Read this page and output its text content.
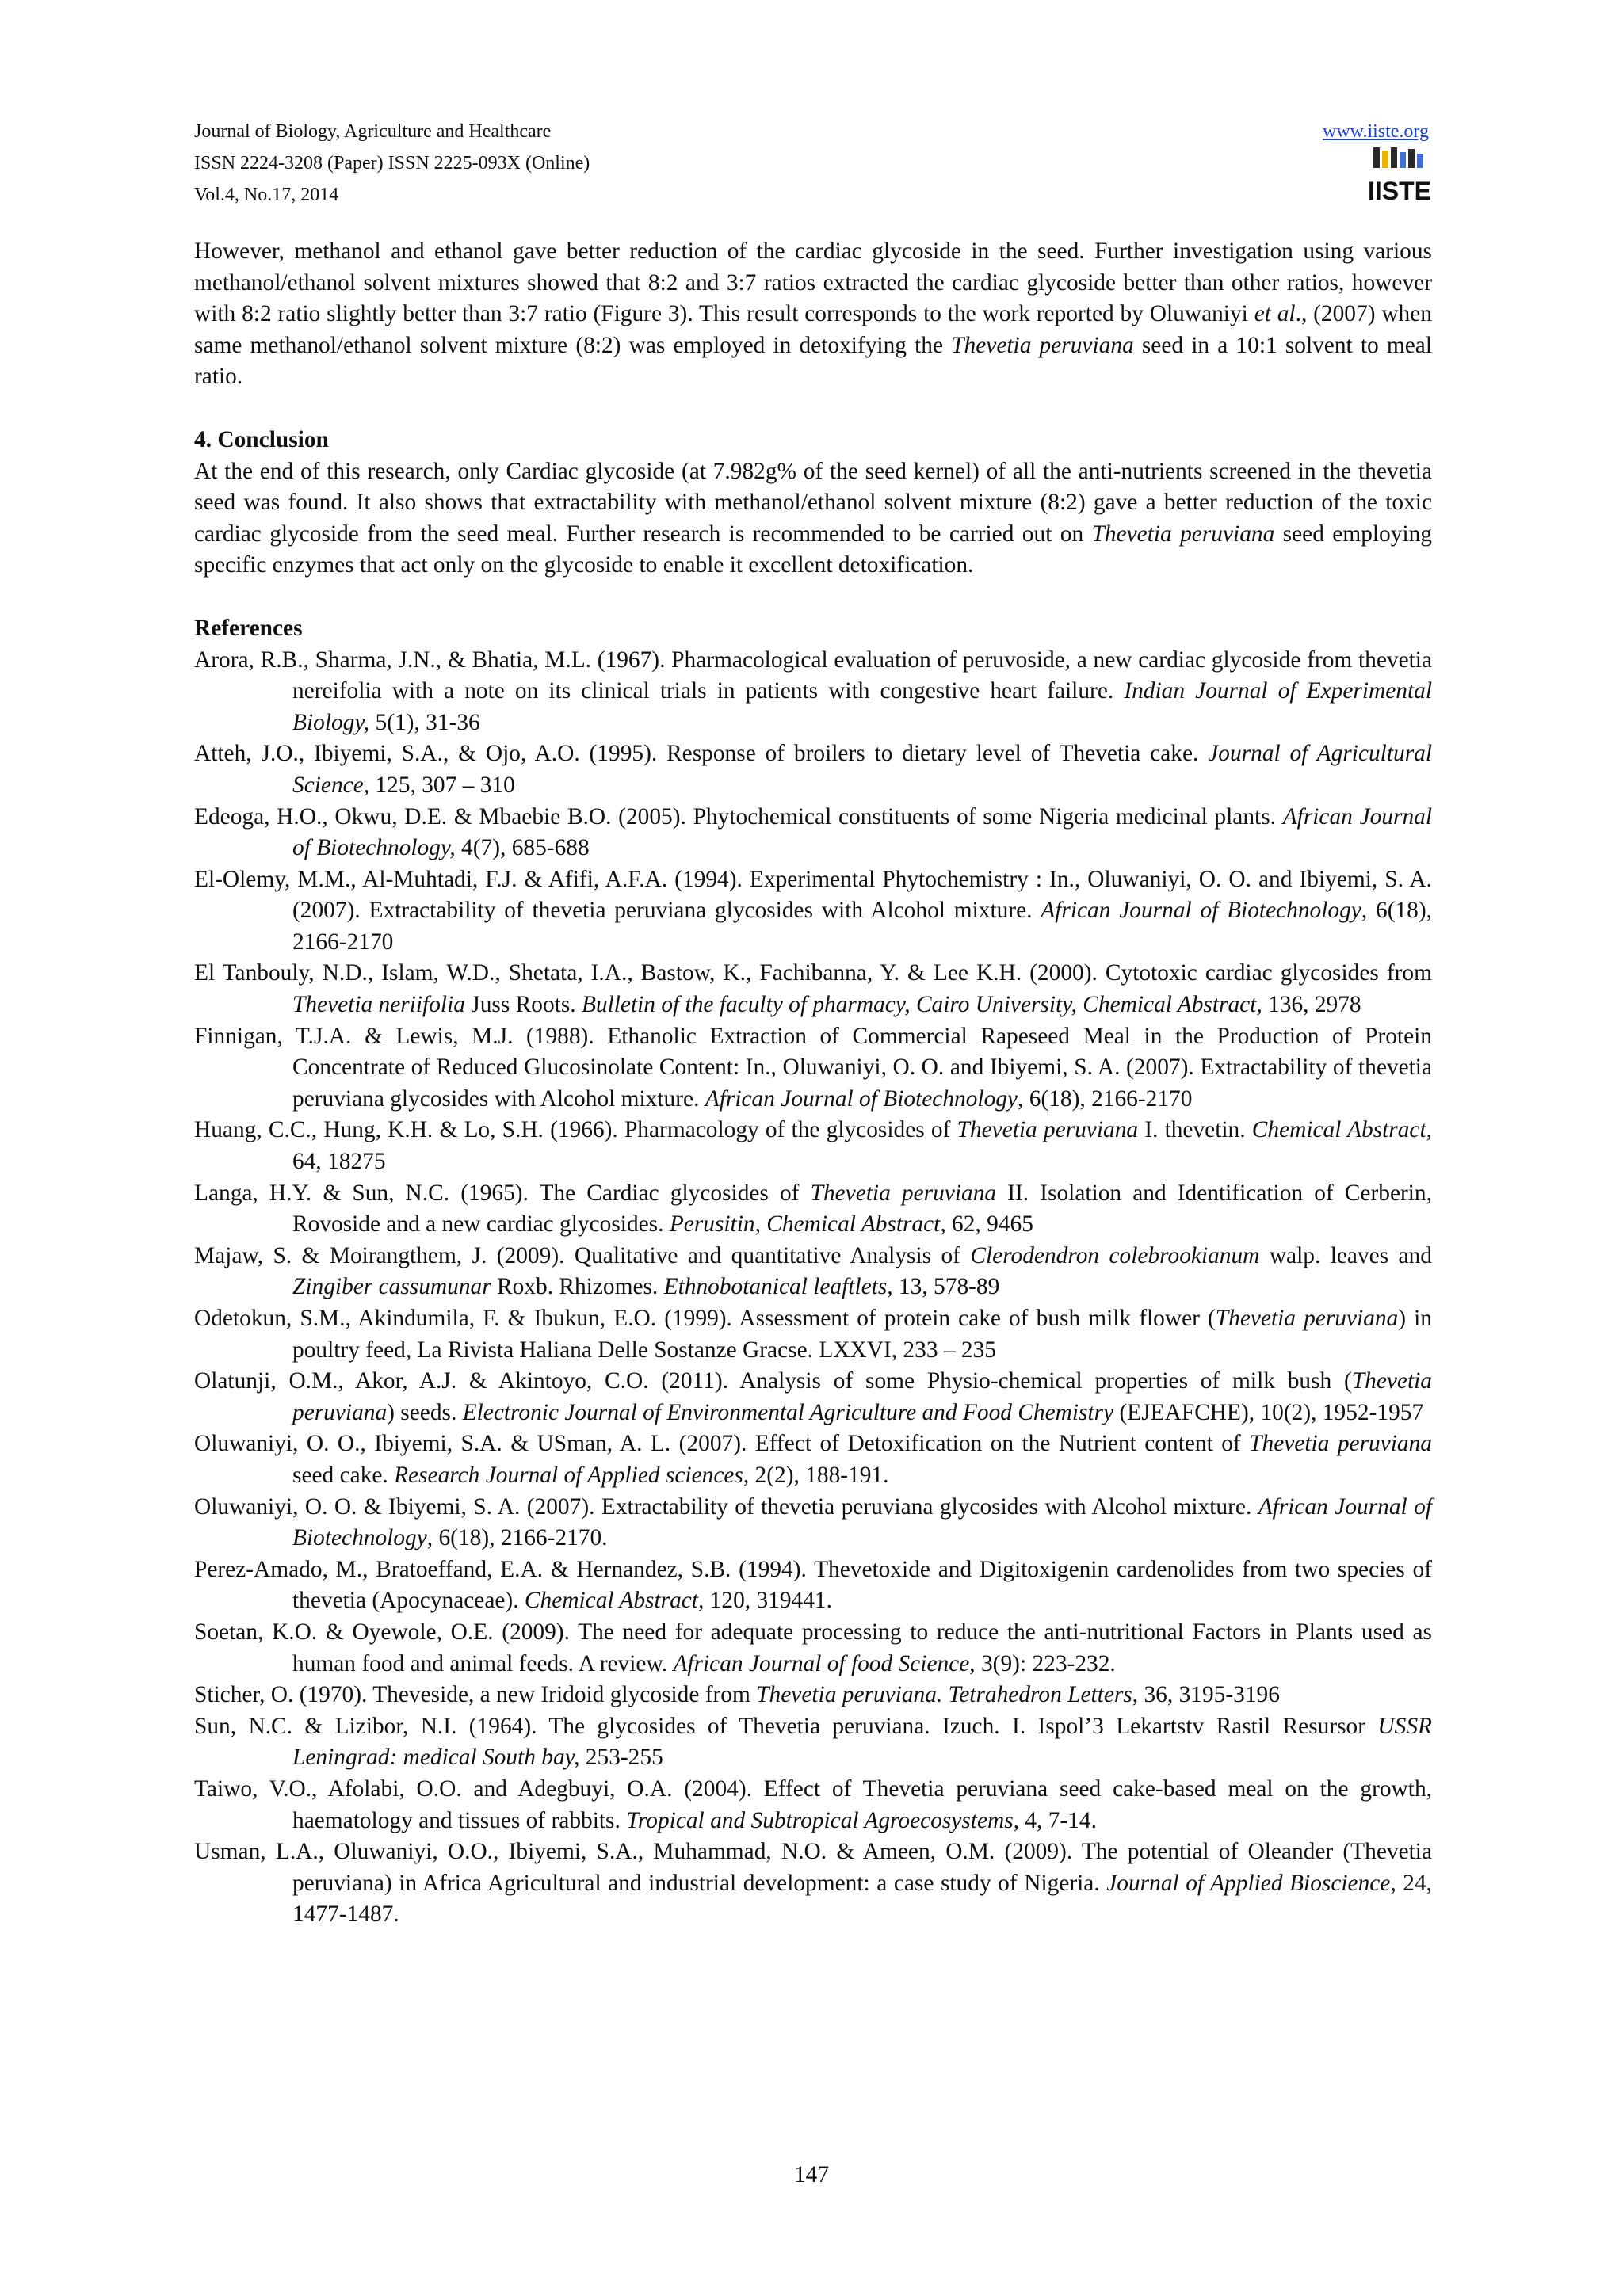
Journal of Biology, Agriculture and Healthcare
ISSN 2224-3208 (Paper) ISSN 2225-093X (Online)
Vol.4, No.17, 2014
www.iiste.org
IISTE

However, methanol and ethanol gave better reduction of the cardiac glycoside in the seed. Further investigation using various methanol/ethanol solvent mixtures showed that 8:2 and 3:7 ratios extracted the cardiac glycoside better than other ratios, however with 8:2 ratio slightly better than 3:7 ratio (Figure 3). This result corresponds to the work reported by Oluwaniyi et al., (2007) when same methanol/ethanol solvent mixture (8:2) was employed in detoxifying the Thevetia peruviana seed in a 10:1 solvent to meal ratio.

4. Conclusion

At the end of this research, only Cardiac glycoside (at 7.982g% of the seed kernel) of all the anti-nutrients screened in the thevetia seed was found. It also shows that extractability with methanol/ethanol solvent mixture (8:2) gave a better reduction of the toxic cardiac glycoside from the seed meal. Further research is recommended to be carried out on Thevetia peruviana seed employing specific enzymes that act only on the glycoside to enable it excellent detoxification.

References

Arora, R.B., Sharma, J.N., & Bhatia, M.L. (1967). Pharmacological evaluation of peruvoside, a new cardiac glycoside from thevetia nereifolia with a note on its clinical trials in patients with congestive heart failure. Indian Journal of Experimental Biology, 5(1), 31-36
Atteh, J.O., Ibiyemi, S.A., & Ojo, A.O. (1995). Response of broilers to dietary level of Thevetia cake. Journal of Agricultural Science, 125, 307 – 310
Edeoga, H.O., Okwu, D.E. & Mbaebie B.O. (2005). Phytochemical constituents of some Nigeria medicinal plants. African Journal of Biotechnology, 4(7), 685-688
El-Olemy, M.M., Al-Muhtadi, F.J. & Afifi, A.F.A. (1994). Experimental Phytochemistry : In., Oluwaniyi, O. O. and Ibiyemi, S. A. (2007). Extractability of thevetia peruviana glycosides with Alcohol mixture. African Journal of Biotechnology, 6(18), 2166-2170
El Tanbouly, N.D., Islam, W.D., Shetata, I.A., Bastow, K., Fachibanna, Y. & Lee K.H. (2000). Cytotoxic cardiac glycosides from Thevetia neriifolia Juss Roots. Bulletin of the faculty of pharmacy, Cairo University, Chemical Abstract, 136, 2978
Finnigan, T.J.A. & Lewis, M.J. (1988). Ethanolic Extraction of Commercial Rapeseed Meal in the Production of Protein Concentrate of Reduced Glucosinolate Content: In., Oluwaniyi, O. O. and Ibiyemi, S. A. (2007). Extractability of thevetia peruviana glycosides with Alcohol mixture. African Journal of Biotechnology, 6(18), 2166-2170
Huang, C.C., Hung, K.H. & Lo, S.H. (1966). Pharmacology of the glycosides of Thevetia peruviana I. thevetin. Chemical Abstract, 64, 18275
Langa, H.Y. & Sun, N.C. (1965). The Cardiac glycosides of Thevetia peruviana II. Isolation and Identification of Cerberin, Rovoside and a new cardiac glycosides. Perusitin, Chemical Abstract, 62, 9465
Majaw, S. & Moirangthem, J. (2009). Qualitative and quantitative Analysis of Clerodendron colebrookianum walp. leaves and Zingiber cassumunar Roxb. Rhizomes. Ethnobotanical leaftlets, 13, 578-89
Odetokun, S.M., Akindumila, F. & Ibukun, E.O. (1999). Assessment of protein cake of bush milk flower (Thevetia peruviana) in poultry feed, La Rivista Haliana Delle Sostanze Gracse. LXXVI, 233 – 235
Olatunji, O.M., Akor, A.J. & Akintoyo, C.O. (2011). Analysis of some Physio-chemical properties of milk bush (Thevetia peruviana) seeds. Electronic Journal of Environmental Agriculture and Food Chemistry (EJEAFCHE), 10(2), 1952-1957
Oluwaniyi, O. O., Ibiyemi, S.A. & USman, A. L. (2007). Effect of Detoxification on the Nutrient content of Thevetia peruviana seed cake. Research Journal of Applied sciences, 2(2), 188-191.
Oluwaniyi, O. O. & Ibiyemi, S. A. (2007). Extractability of thevetia peruviana glycosides with Alcohol mixture. African Journal of Biotechnology, 6(18), 2166-2170.
Perez-Amado, M., Bratoeffand, E.A. & Hernandez, S.B. (1994). Thevetoxide and Digitoxigenin cardenolides from two species of thevetia (Apocynaceae). Chemical Abstract, 120, 319441.
Soetan, K.O. & Oyewole, O.E. (2009). The need for adequate processing to reduce the anti-nutritional Factors in Plants used as human food and animal feeds. A review. African Journal of food Science, 3(9): 223-232.
Sticher, O. (1970). Theveside, a new Iridoid glycoside from Thevetia peruviana. Tetrahedron Letters, 36, 3195-3196
Sun, N.C. & Lizibor, N.I. (1964). The glycosides of Thevetia peruviana. Izuch. I. Ispol’3 Lekartstv Rastil Resursor USSR Leningrad: medical South bay, 253-255
Taiwo, V.O., Afolabi, O.O. and Adegbuyi, O.A. (2004). Effect of Thevetia peruviana seed cake-based meal on the growth, haematology and tissues of rabbits. Tropical and Subtropical Agroecosystems, 4, 7-14.
Usman, L.A., Oluwaniyi, O.O., Ibiyemi, S.A., Muhammad, N.O. & Ameen, O.M. (2009). The potential of Oleander (Thevetia peruviana) in Africa Agricultural and industrial development: a case study of Nigeria. Journal of Applied Bioscience, 24, 1477-1487.
147
